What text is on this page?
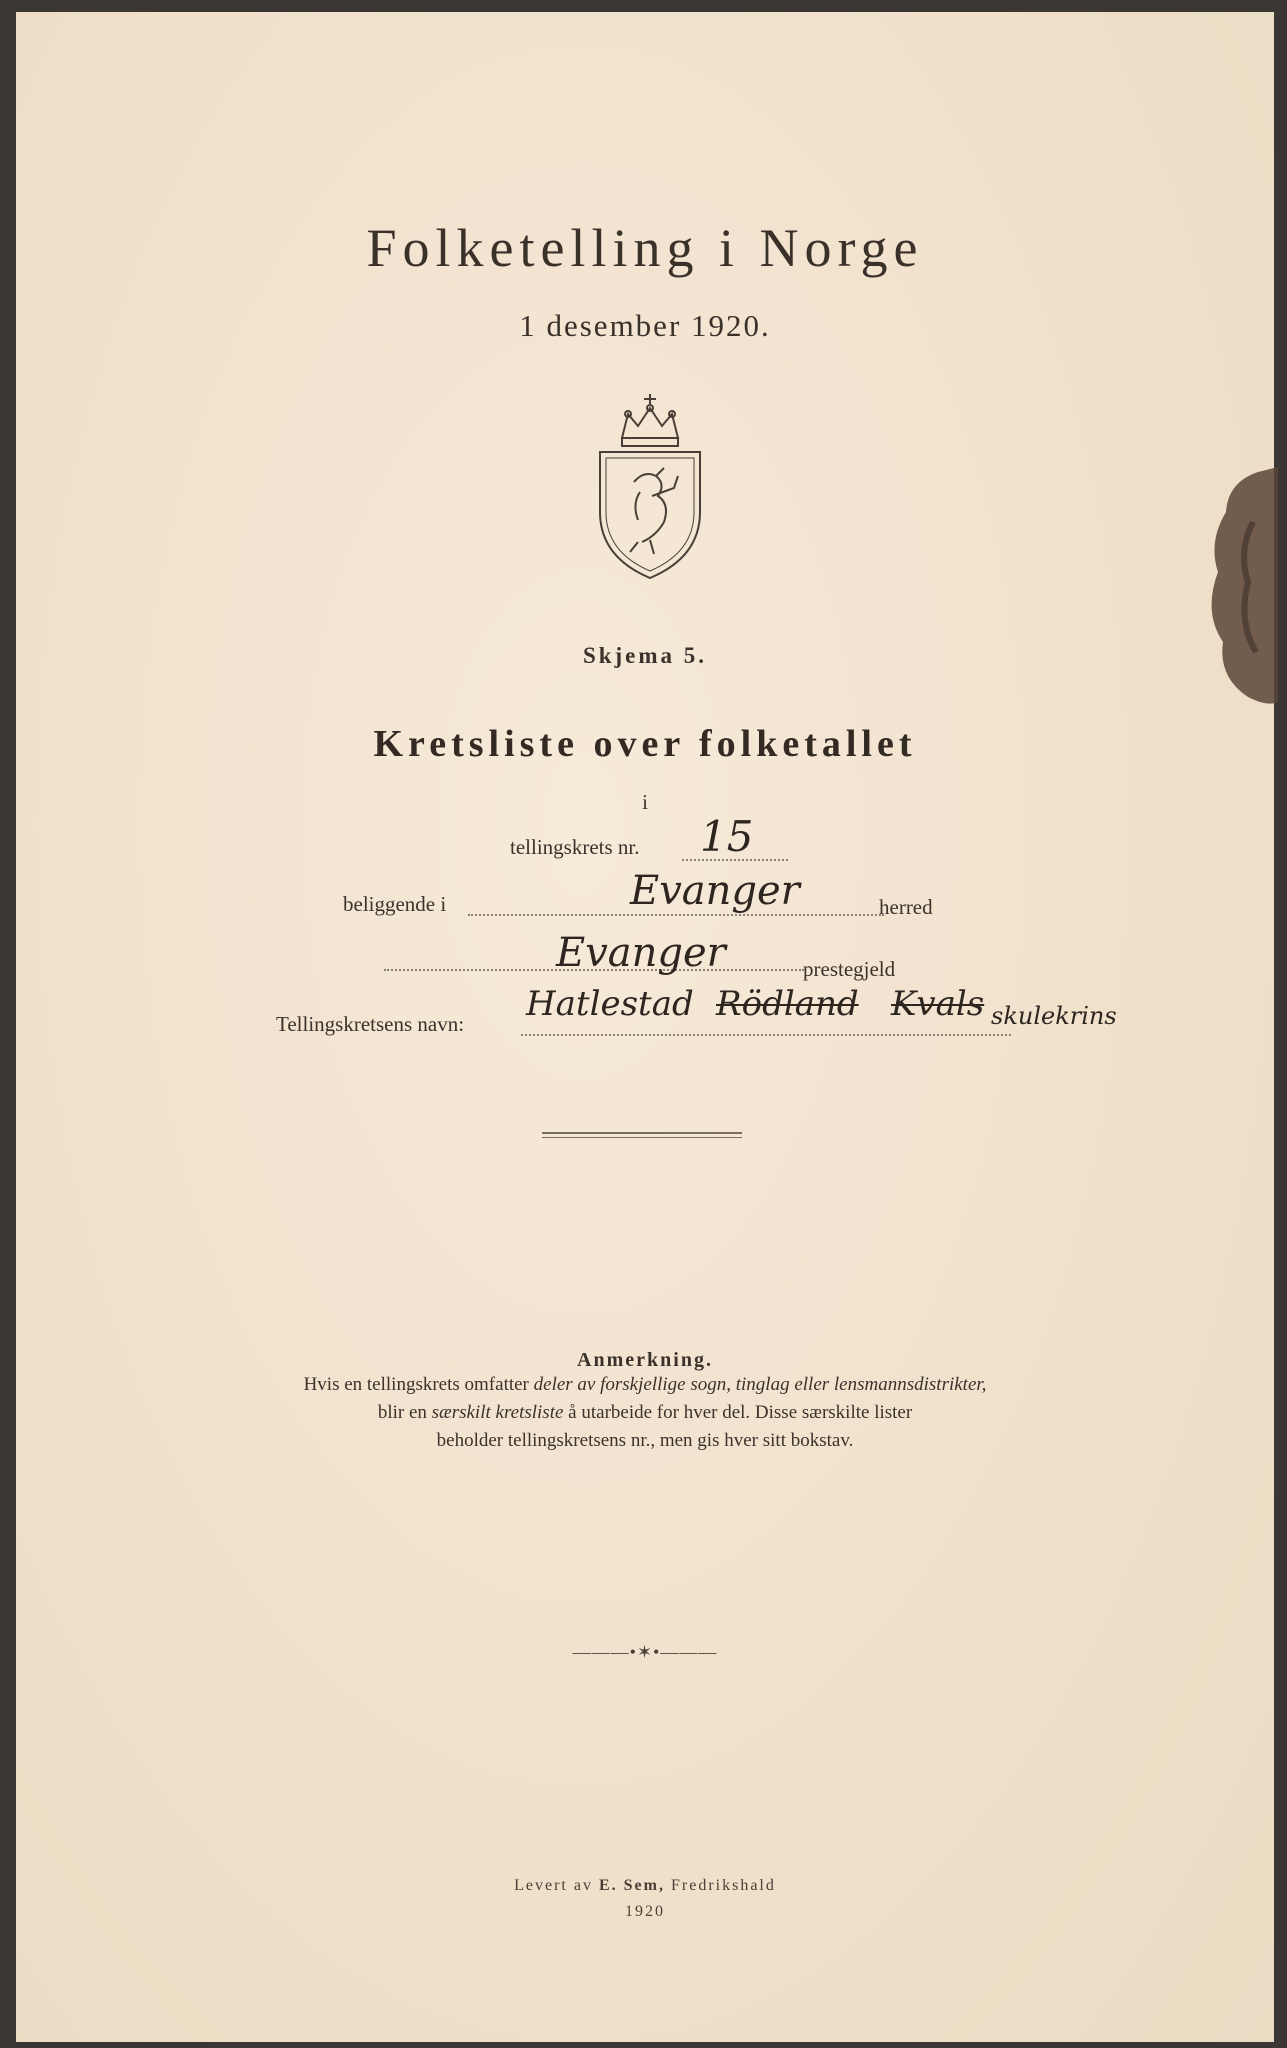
Folketelling i Norge
1 desember 1920.
Skjema 5.
Kretsliste over folketallet
i
tellingskrets nr. 15
beliggende i	Evanger	herred
Evanger	prestegjeld
Tellingskretsens navn: Hatlestad Rödland Kvals skulekrins
Anmerkning.
Hvis en tellingskrets omfatter deler av forskjellige sogn, tinglag eller lensmannsdistrikter,
blir en særskilt kretsliste å utarbeide for hver del. Disse særskilte lister
beholder tellingskretsens nr., men gis hver sitt bokstav.
———•✶•———
Levert av E. Sem, Fredrikshald
1920
